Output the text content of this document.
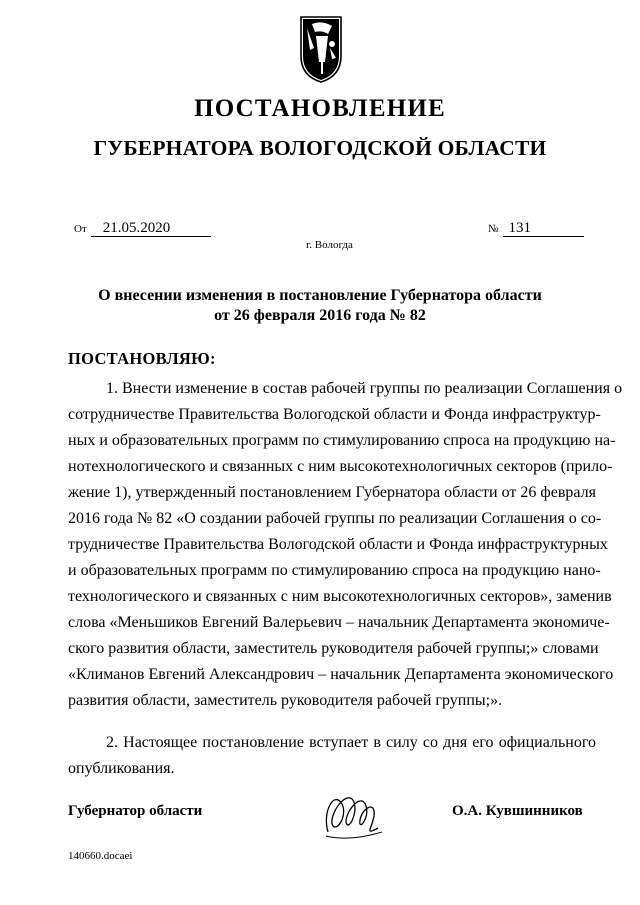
ПОСТАНОВЛЕНИЕ
ГУБЕРНАТОРА ВОЛОГОДСКОЙ ОБЛАСТИ
От 21.05.2020
г. Вологда
№ 131
О внесении изменения в постановление Губернатора области
от 26 февраля 2016 года № 82
ПОСТАНОВЛЯЮ:
1. Внести изменение в состав рабочей группы по реализации Соглашения о
сотрудничестве Правительства Вологодской области и Фонда инфраструктур-
ных и образовательных программ по стимулированию спроса на продукцию на-
нотехнологического и связанных с ним высокотехнологичных секторов (прило-
жение 1), утвержденный постановлением Губернатора области от 26 февраля
2016 года № 82 «О создании рабочей группы по реализации Соглашения о со-
трудничестве Правительства Вологодской области и Фонда инфраструктурных
и образовательных программ по стимулированию спроса на продукцию нано-
технологического и связанных с ним высокотехнологичных секторов», заменив
слова «Меньшиков Евгений Валерьевич – начальник Департамента экономиче-
ского развития области, заместитель руководителя рабочей группы;» словами
«Климанов Евгений Александрович – начальник Департамента экономического
развития области, заместитель руководителя рабочей группы;».
2. Настоящее постановление вступает в силу со дня его официального
опубликования.
Губернатор области	О.А. Кувшинников
140660.docaei
